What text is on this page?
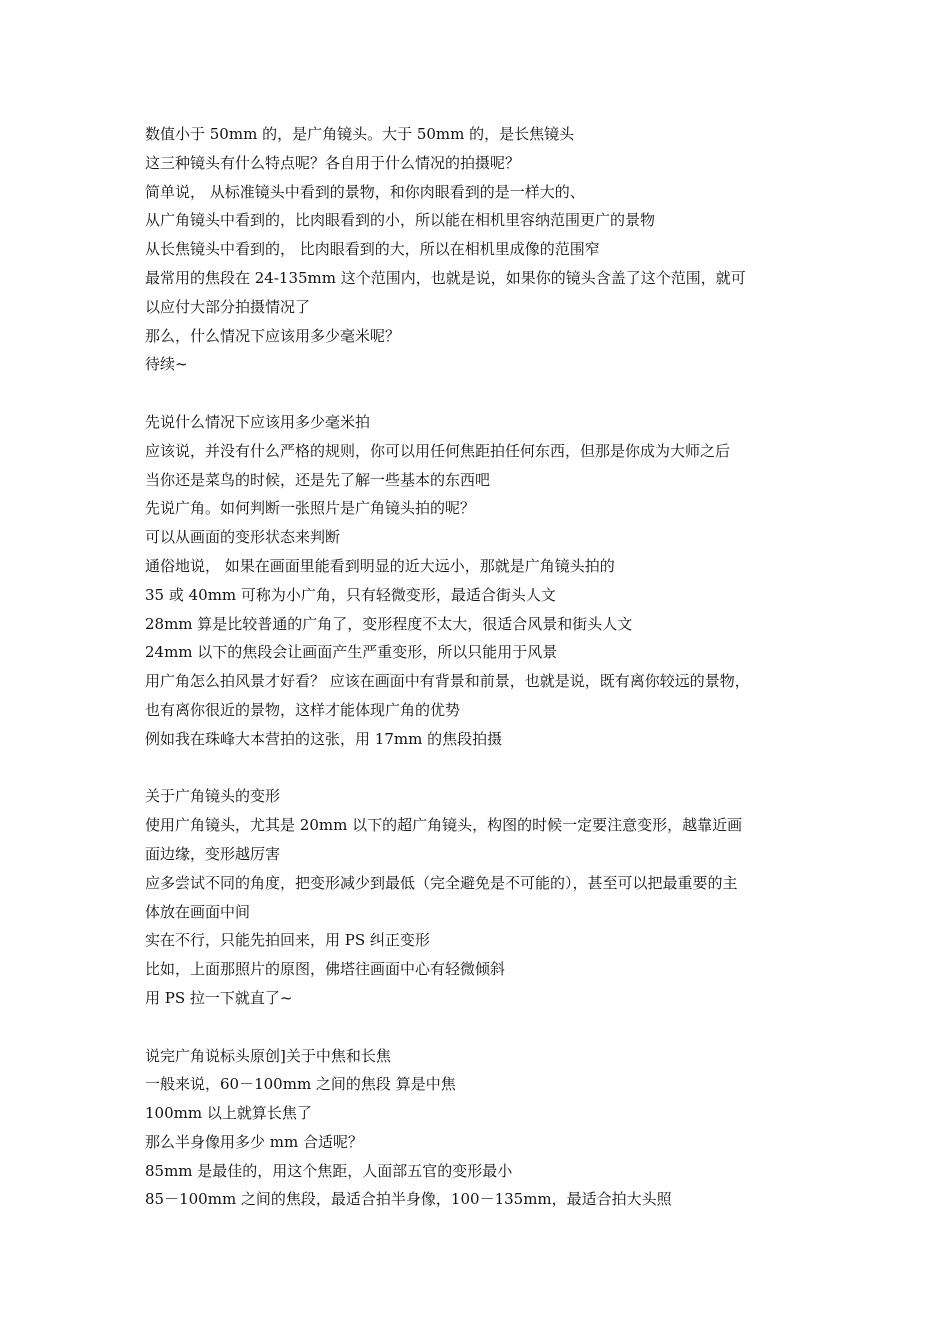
数值小于 50mm 的，是广角镜头。大于 50mm 的，是长焦镜头
这三种镜头有什么特点呢？各自用于什么情况的拍摄呢？
简单说， 从标准镜头中看到的景物，和你肉眼看到的是一样大的、
从广角镜头中看到的，比肉眼看到的小，所以能在相机里容纳范围更广的景物
从长焦镜头中看到的， 比肉眼看到的大，所以在相机里成像的范围窄
最常用的焦段在 24-135mm 这个范围内，也就是说，如果你的镜头含盖了这个范围，就可
以应付大部分拍摄情况了
那么，什么情况下应该用多少毫米呢？
待续~
先说什么情况下应该用多少毫米拍
应该说，并没有什么严格的规则，你可以用任何焦距拍任何东西，但那是你成为大师之后
当你还是菜鸟的时候，还是先了解一些基本的东西吧
先说广角。如何判断一张照片是广角镜头拍的呢？
可以从画面的变形状态来判断
通俗地说， 如果在画面里能看到明显的近大远小，那就是广角镜头拍的
35 或 40mm 可称为小广角，只有轻微变形，最适合街头人文
28mm 算是比较普通的广角了，变形程度不太大，很适合风景和街头人文
24mm 以下的焦段会让画面产生严重变形，所以只能用于风景
用广角怎么拍风景才好看？ 应该在画面中有背景和前景，也就是说，既有离你较远的景物，
也有离你很近的景物，这样才能体现广角的优势
例如我在珠峰大本营拍的这张，用 17mm 的焦段拍摄
关于广角镜头的变形
使用广角镜头，尤其是 20mm 以下的超广角镜头，构图的时候一定要注意变形，越靠近画
面边缘，变形越厉害
应多尝试不同的角度，把变形减少到最低（完全避免是不可能的），甚至可以把最重要的主
体放在画面中间
实在不行，只能先拍回来，用 PS 纠正变形
比如，上面那照片的原图，佛塔往画面中心有轻微倾斜
用 PS 拉一下就直了~
说完广角说标头原创]关于中焦和长焦
一般来说，60－100mm 之间的焦段 算是中焦
100mm 以上就算长焦了
那么半身像用多少 mm 合适呢？
85mm 是最佳的，用这个焦距，人面部五官的变形最小
85－100mm 之间的焦段，最适合拍半身像，100－135mm，最适合拍大头照
